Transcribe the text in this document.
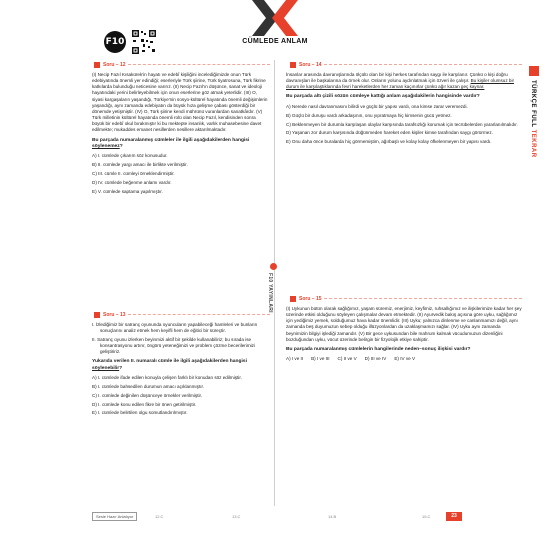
F10	CÜMLEDE ANLAM
TÜRKÇE FULL TEKRAR
F10 YAYINLARI
Soru – 12

(I) Necip Fazıl Kısakürek'in hayatı ve edebî kişiliğini incelediğimizde onun Türk edebiyatında önemli yer edindiği; eserleriyle Türk şiirine, Türk tiyatrosuna, Türk fikrine katkılarda bulunduğu neticesine varırız. (II) Necip Fazıl'ın düşünce, sanat ve ideoloji hayatındaki yerini belirleyebilmek için onun eserlerine göz atmak yeterlidir. (III) O, siyasi kargaşaların yaşandığı, Türkiye'nin sosyo-kültürel hayatında önemli değişimlerin yaşandığı, aynı zamanda edebiyatın da büyük hıza gelişme çabası gösterdiği bir dönemde yetişmiştir. (IV) O, Türk şiirine kendi mührünü vuranlardan sanatkârdır. (V) Türk milletinin kültürel hayatında önemli rolü olan Necip Fazıl, kendisinden sonra büyük bir edebî okul bırakmıştır ki bu mektepte insanlık, varlık muhasebesine davet edilmekte; mukaddes emanet nesillerden nesillere aktarılmaktadır.

Bu parçada numaralanmış cümleler ile ilgili aşağıdakilerden hangisi söylenemez?

A) I. cümlede çıkarım söz konusudur.
B) II. cümlede yargı amacı ile birlikte verilmiştir.
C) III. cümle II. cümleyi örneklendirmiştir.
D) IV. cümlede beğenme anlamı vardır.
E) V. cümlede saptama yapılmıştır.
Soru – 13
I. İzlediğimiz bir satranç oyununda oyuncuların yapabileceği hamleleri ve bunların sonuçlarını analiz etmek hem keyifli hem de eğitici bir süreçtir.
II. Satranç oyunu izlerken beyinmizi aktif bir şekilde kullanabiliriz; bu sırada ise konsantrasyonu artırır, öngörü yeteneğimizi ve problem çözme becerilerimizi geliştiririz.

Yukarıda verilen II. numaralı cümle ile ilgili aşağıdakilerden hangisi söylenebilir?

A) I. cümlede ifade edilen konuyla çelişen farklı bir konudan söz edilmiştir.
B) I. cümlede bahsedilen durumun amacı açıklanmıştır.
C) I. cümlede değinilen düşünceye örnekler verilmiştir.
D) I. cümlede konu edilen fikre bir önen getirilmiştir.
E) I. cümlede belirtilen olgu somutlandırılmıştır.
Soru – 14

İnsanlar arasında davranışlarında ölçülü olan bir kişi herkes tarafından saygı ile karşılanır. Çünkü o kişi doğru davranışları ile başkalarına da örnek olur. Onların yolunu aydınlatmak için özveri ile çalışır. Bu kişiler olumsuz bir durum ile karşılaştıklarında fevri hareketlerden her zaman kaçınırlar çünkü ağır kazan geç kaynar.

Bu parçada altı çizili sözün cümleye kattığı anlam aşağıdakilerin hangisinde vardır?

A) Nerede nasıl davranmasını bilirdi ve güçlü bir yapısı vardı, ona kimse zarar veremezdi.
B) Güçlü bir duruşu vardı arkadaşının, onu yıpratmaya hiç kimsenin gücü yetmez.
C) Beklenmeyen bir durumla karşılaşan olaylar karşısında tarafsızlığı korumak için tecrübelerden yararlanılmalıdır.
D) Yaşanan zor durum karşısında düğünmeden hareket eden kişiler kimse tarafından saygı görürmez.
E) Onu daha önce buralarda hiç görmemiştim, ağırbaşlı ve kolay kolay öfkelenmeyen bir yapısı vardı.
Soru – 15

(I) Uykunun bütün olarak sağlığımız, yaşam süremiz, enerjimiz, keyfimiz, ruhsallığımız ve ilişkilerimize kadar her şey üzerinde etkisi olduğunu söyleyen çalışmalar devam etmektedir. (II) Ayurvedik bakış açısına göre uyku, sağlığımız için yediğimiz yemek, solduğumuz hava kadar önemlidir. (III) Uyku; yalnızca dinlenme ve canlanmamızı değil, aynı zamanda beş duyumuzun sebep olduğu illüzyonlardan da uzaklaşmamızı sağlar. (IV) Uyku aynı zamanda beynimizin bilgiyi işlediği zamandır. (V) Bir gece uykusundan bile mahrum kalmak vücudumuzun dizenliğini bozduğundan uyku, vücut üzerinde belirgin bir fizyolojik etkiye sahiptir.

Bu parçada numaralanmış cümlelerin hangilerinde neden–sonuç ilişkisi vardır?

A) I ve II B) I ve III C) II ve V D) III ve IV E) IV ve V
Sesle Hazır Anlatıyor	12.C	13.C	14.B	15.C	23
